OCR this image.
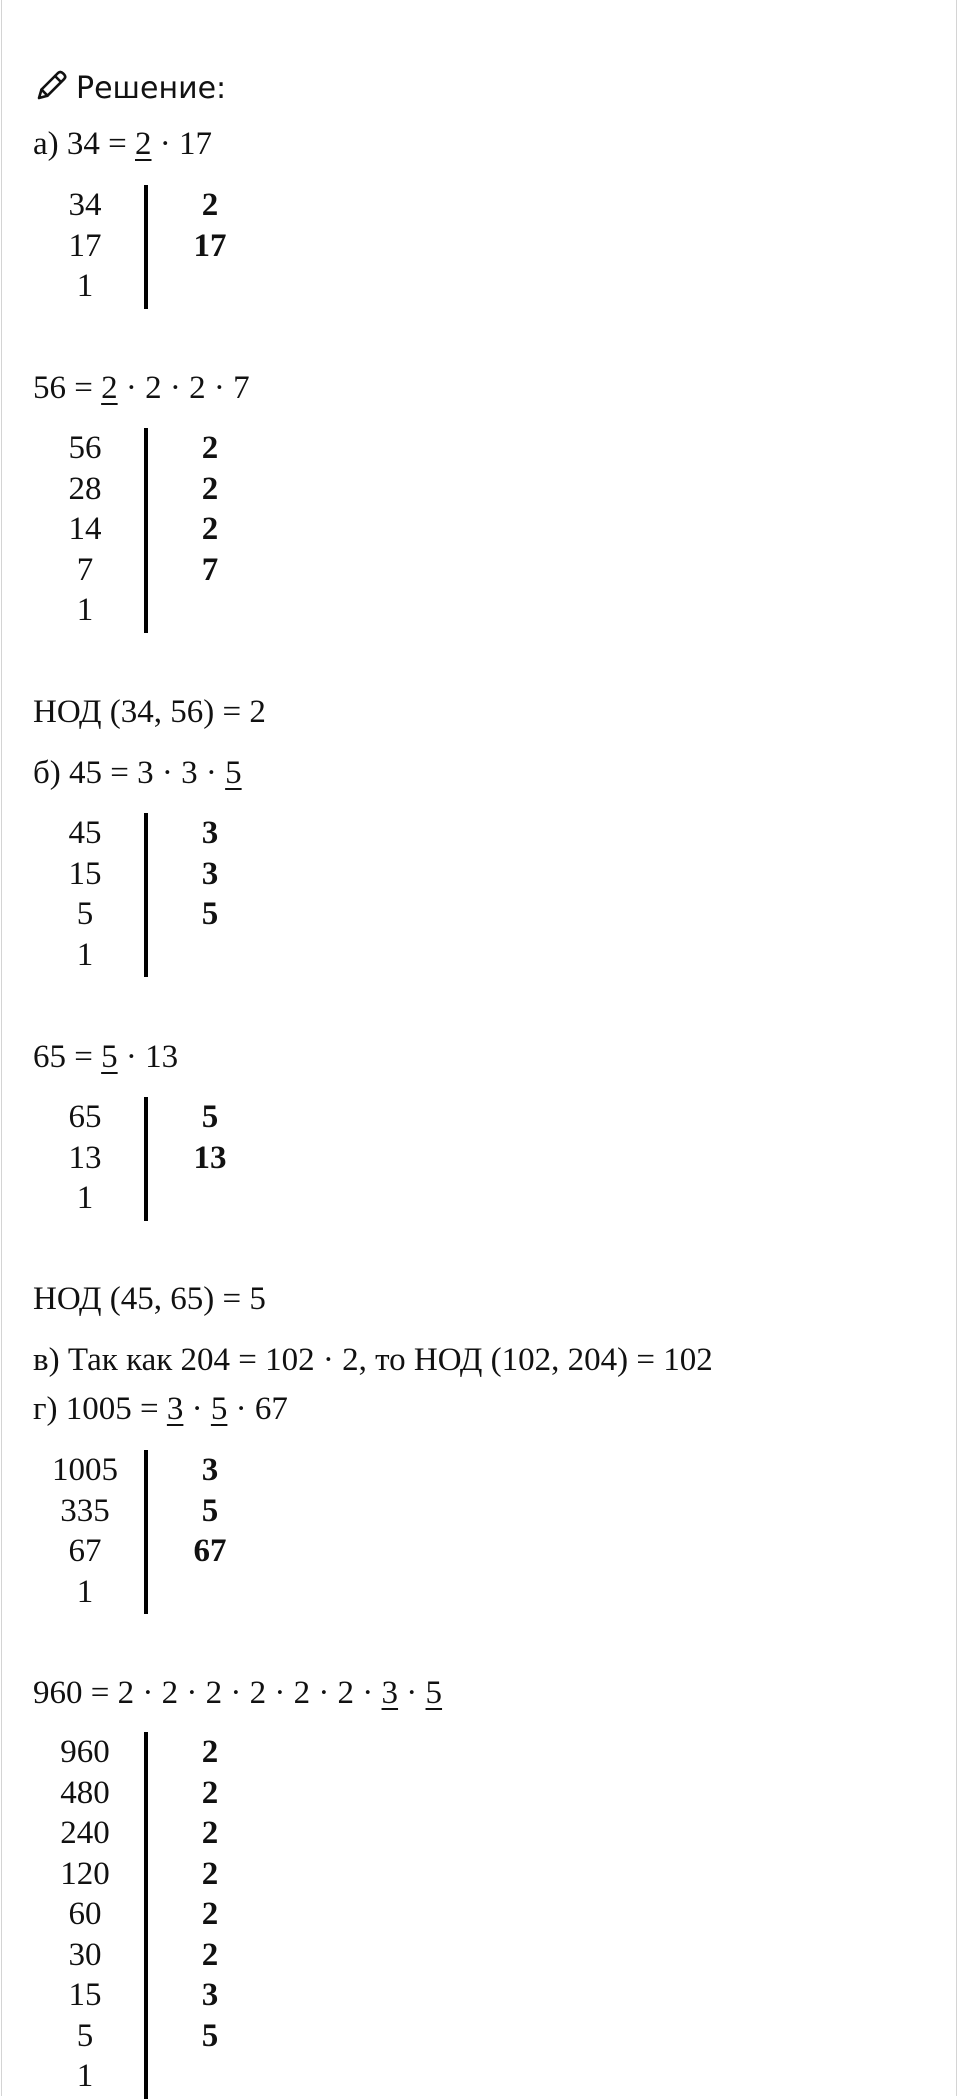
Решение:
а) 34 = 2 · 17
34	2
17	17
1
56 = 2 · 2 · 2 · 7
56	2
28	2
14	2
7	7
1
НОД (34, 56) = 2
б) 45 = 3 · 3 · 5
45	3
15	3
5	5
1
65 = 5 · 13
65	5
13	13
1
НОД (45, 65) = 5
в) Так как 204 = 102 · 2, то НОД (102, 204) = 102
г) 1005 = 3 · 5 · 67
1005	3
335	5
67	67
1
960 = 2 · 2 · 2 · 2 · 2 · 2 · 3 · 5
960	2
480	2
240	2
120	2
60	2
30	2
15	3
5	5
1
